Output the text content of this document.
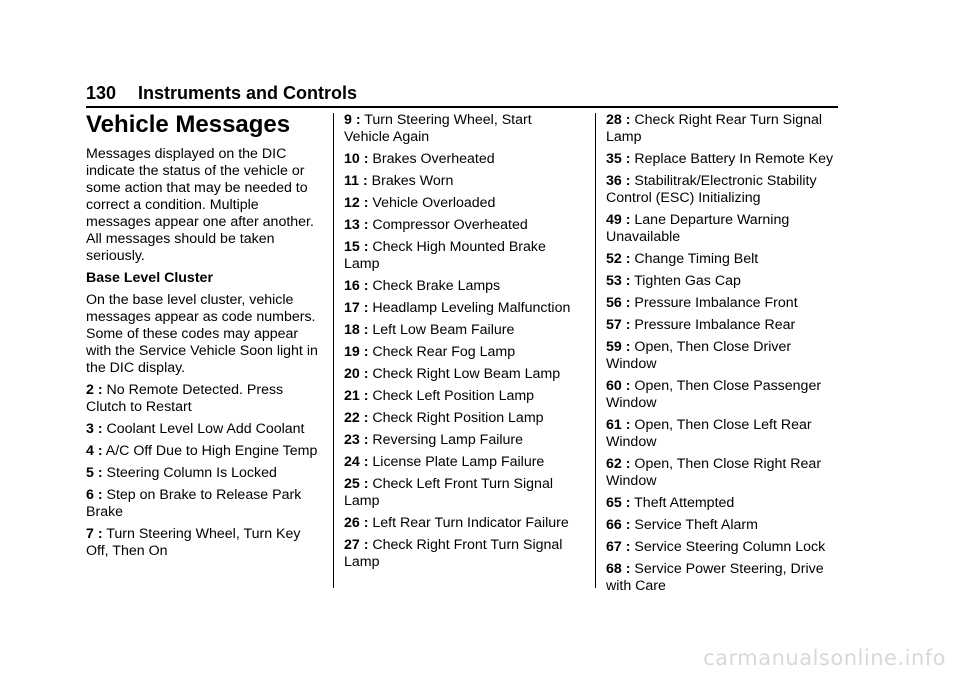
130 Instruments and Controls
Vehicle Messages

Messages displayed on the DIC indicate the status of the vehicle or some action that may be needed to correct a condition. Multiple messages appear one after another. All messages should be taken seriously.

Base Level Cluster

On the base level cluster, vehicle messages appear as code numbers. Some of these codes may appear with the Service Vehicle Soon light in the DIC display.

2 : No Remote Detected. Press Clutch to Restart
3 : Coolant Level Low Add Coolant
4 : A/C Off Due to High Engine Temp
5 : Steering Column Is Locked
6 : Step on Brake to Release Park Brake
7 : Turn Steering Wheel, Turn Key Off, Then On
9 : Turn Steering Wheel, Start Vehicle Again
10 : Brakes Overheated
11 : Brakes Worn
12 : Vehicle Overloaded
13 : Compressor Overheated
15 : Check High Mounted Brake Lamp
16 : Check Brake Lamps
17 : Headlamp Leveling Malfunction
18 : Left Low Beam Failure
19 : Check Rear Fog Lamp
20 : Check Right Low Beam Lamp
21 : Check Left Position Lamp
22 : Check Right Position Lamp
23 : Reversing Lamp Failure
24 : License Plate Lamp Failure
25 : Check Left Front Turn Signal Lamp
26 : Left Rear Turn Indicator Failure
27 : Check Right Front Turn Signal Lamp
28 : Check Right Rear Turn Signal Lamp
35 : Replace Battery In Remote Key
36 : Stabilitrak/Electronic Stability Control (ESC) Initializing
49 : Lane Departure Warning Unavailable
52 : Change Timing Belt
53 : Tighten Gas Cap
56 : Pressure Imbalance Front
57 : Pressure Imbalance Rear
59 : Open, Then Close Driver Window
60 : Open, Then Close Passenger Window
61 : Open, Then Close Left Rear Window
62 : Open, Then Close Right Rear Window
65 : Theft Attempted
66 : Service Theft Alarm
67 : Service Steering Column Lock
68 : Service Power Steering, Drive with Care
carmanualsonline.info
